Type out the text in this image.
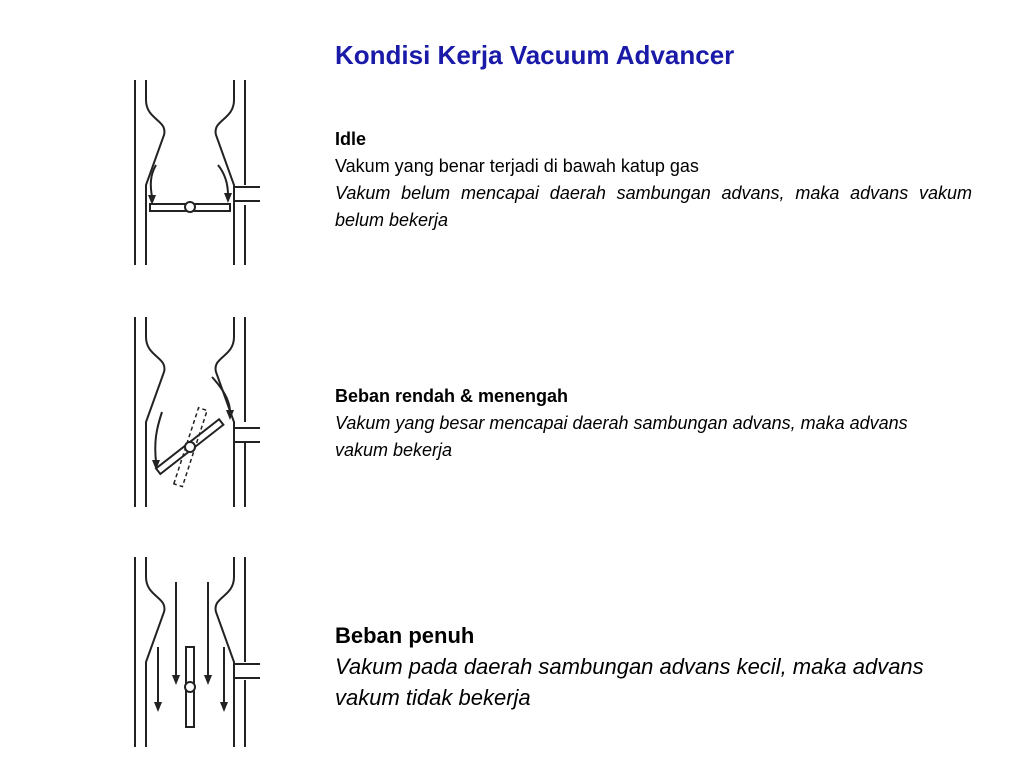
Kondisi Kerja Vacuum Advancer
Idle
Vakum yang benar terjadi di bawah katup gas
Vakum belum mencapai daerah sambungan advans, maka advans vakum belum bekerja
Beban rendah & menengah
Vakum yang besar mencapai daerah sambungan advans, maka advans vakum bekerja
Beban penuh
Vakum pada daerah sambungan advans kecil, maka advans vakum tidak bekerja
